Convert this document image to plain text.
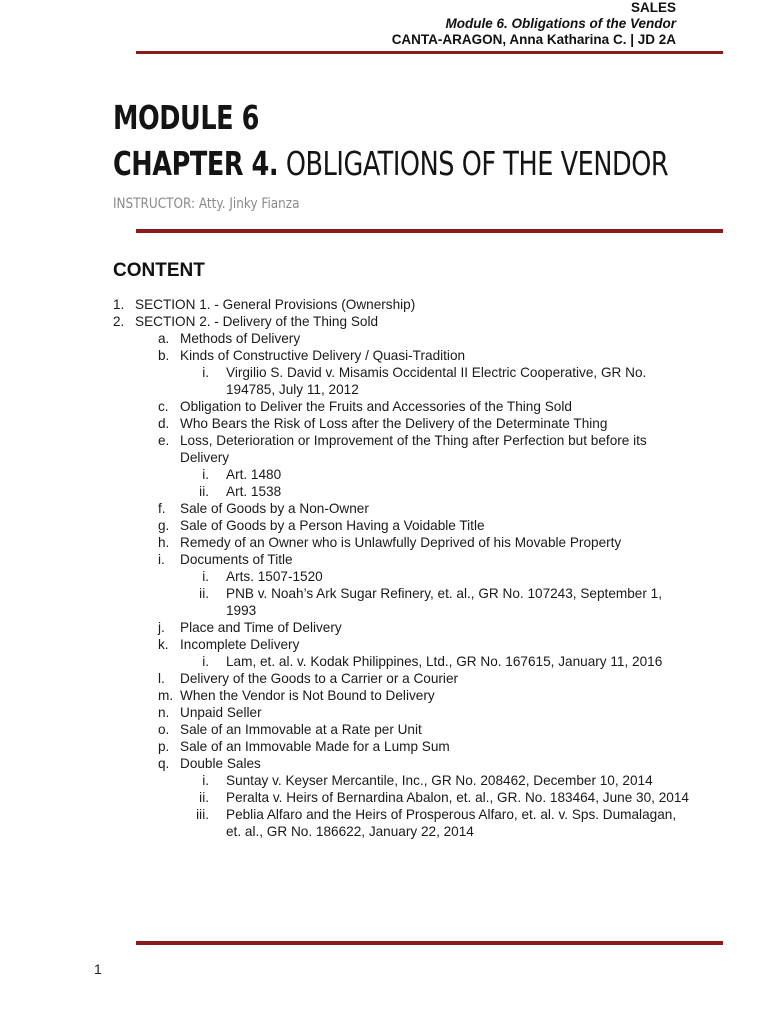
SALES
Module 6. Obligations of the Vendor
CANTA-ARAGON, Anna Katharina C. | JD 2A
MODULE 6
CHAPTER 4. OBLIGATIONS OF THE VENDOR
INSTRUCTOR: Atty. Jinky Fianza
CONTENT
1. SECTION 1. - General Provisions (Ownership)
2. SECTION 2. - Delivery of the Thing Sold
a. Methods of Delivery
b. Kinds of Constructive Delivery / Quasi-Tradition
i. Virgilio S. David v. Misamis Occidental II Electric Cooperative, GR No. 194785, July 11, 2012
c. Obligation to Deliver the Fruits and Accessories of the Thing Sold
d. Who Bears the Risk of Loss after the Delivery of the Determinate Thing
e. Loss, Deterioration or Improvement of the Thing after Perfection but before its Delivery
i. Art. 1480
ii. Art. 1538
f. Sale of Goods by a Non-Owner
g. Sale of Goods by a Person Having a Voidable Title
h. Remedy of an Owner who is Unlawfully Deprived of his Movable Property
i. Documents of Title
i. Arts. 1507-1520
ii. PNB v. Noah’s Ark Sugar Refinery, et. al., GR No. 107243, September 1, 1993
j. Place and Time of Delivery
k. Incomplete Delivery
i. Lam, et. al. v. Kodak Philippines, Ltd., GR No. 167615, January 11, 2016
l. Delivery of the Goods to a Carrier or a Courier
m. When the Vendor is Not Bound to Delivery
n. Unpaid Seller
o. Sale of an Immovable at a Rate per Unit
p. Sale of an Immovable Made for a Lump Sum
q. Double Sales
i. Suntay v. Keyser Mercantile, Inc., GR No. 208462, December 10, 2014
ii. Peralta v. Heirs of Bernardina Abalon, et. al., GR. No. 183464, June 30, 2014
iii. Peblia Alfaro and the Heirs of Prosperous Alfaro, et. al. v. Sps. Dumalagan, et. al., GR No. 186622, January 22, 2014
1
